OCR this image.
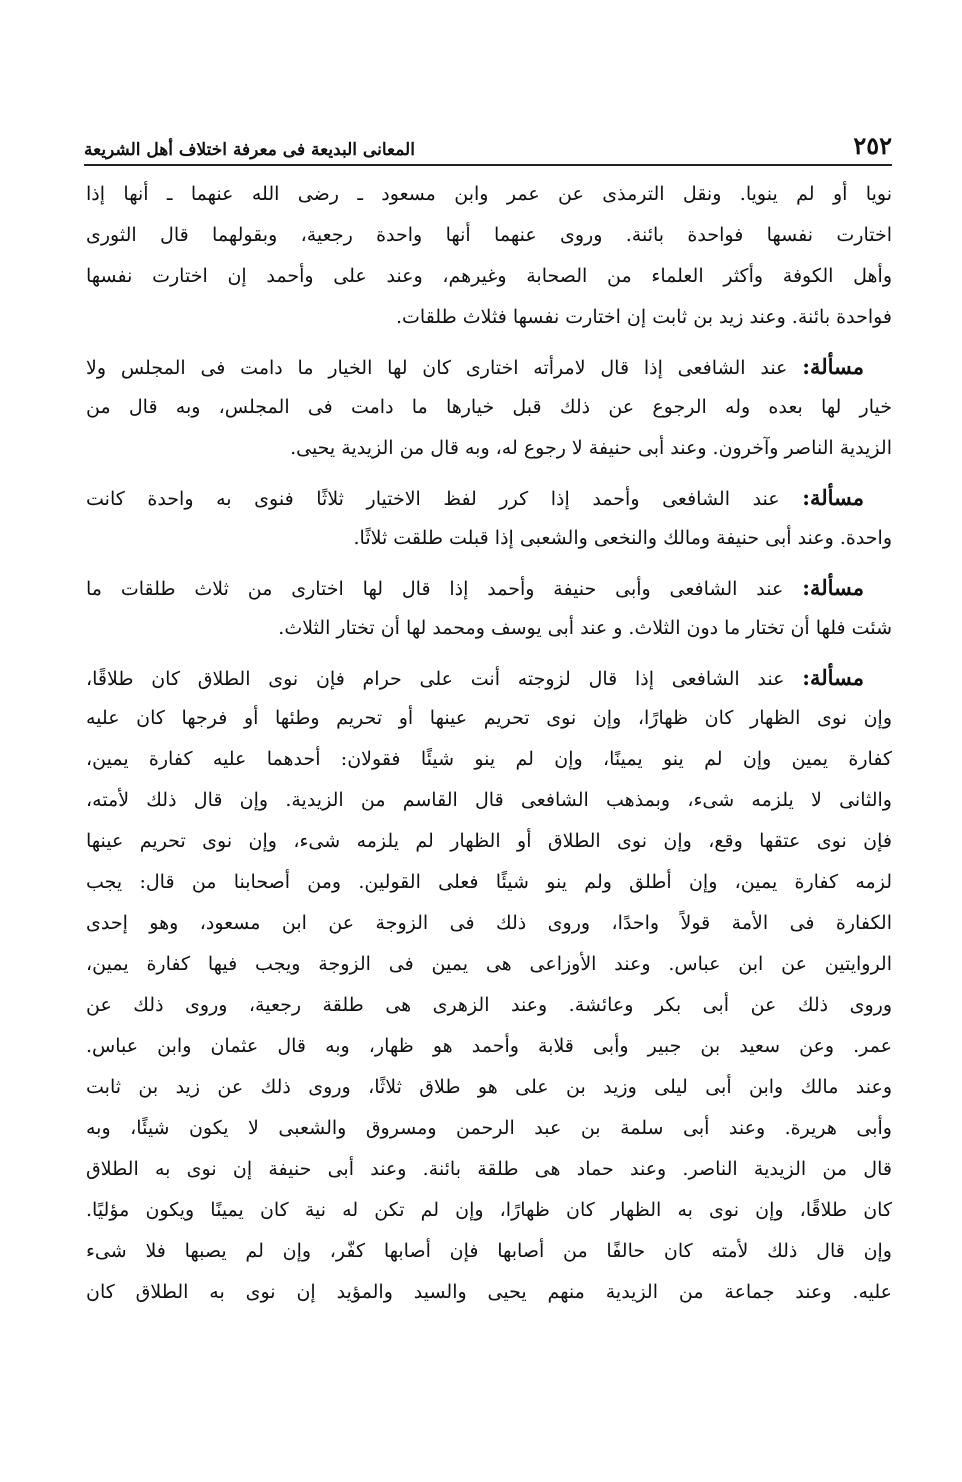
٢٥٢
المعانى البديعة فى معرفة اختلاف أهل الشريعة
نويا أو لم ينويا. ونقل الترمذى عن عمر وابن مسعود ـ رضى الله عنهما ـ أنها إذا
اختارت نفسها فواحدة بائنة. وروى عنهما أنها واحدة رجعية، وبقولهما قال الثورى
وأهل الكوفة وأكثر العلماء من الصحابة وغيرهم، وعند على وأحمد إن اختارت نفسها
فواحدة بائنة. وعند زيد بن ثابت إن اختارت نفسها فثلاث طلقات.
مسألة: عند الشافعى إذا قال لامرأته اختارى كان لها الخيار ما دامت فى المجلس ولا
خيار لها بعده وله الرجوع عن ذلك قبل خيارها ما دامت فى المجلس، وبه قال من
الزيدية الناصر وآخرون. وعند أبى حنيفة لا رجوع له، وبه قال من الزيدية يحيى.
مسألة: عند الشافعى وأحمد إذا كرر لفظ الاختيار ثلاثًا فنوى به واحدة كانت
واحدة. وعند أبى حنيفة ومالك والنخعى والشعبى إذا قبلت طلقت ثلاثًا.
مسألة: عند الشافعى وأبى حنيفة وأحمد إذا قال لها اختارى من ثلاث طلقات ما
شئت فلها أن تختار ما دون الثلاث. و عند أبى يوسف ومحمد لها أن تختار الثلاث.
مسألة: عند الشافعى إذا قال لزوجته أنت على حرام فإن نوى الطلاق كان طلاقًا،
وإن نوى الظهار كان ظهارًا، وإن نوى تحريم عينها أو تحريم وطئها أو فرجها كان عليه
كفارة يمين وإن لم ينو يمينًا، وإن لم ينو شيئًا فقولان: أحدهما عليه كفارة يمين،
والثانى لا يلزمه شىء، وبمذهب الشافعى قال القاسم من الزيدية. وإن قال ذلك لأمته،
فإن نوى عتقها وقع، وإن نوى الطلاق أو الظهار لم يلزمه شىء، وإن نوى تحريم عينها
لزمه كفارة يمين، وإن أطلق ولم ينو شيئًا فعلى القولين. ومن أصحابنا من قال: يجب
الكفارة فى الأمة قولاً واحدًا، وروى ذلك فى الزوجة عن ابن مسعود، وهو إحدى
الروايتين عن ابن عباس. وعند الأوزاعى هى يمين فى الزوجة ويجب فيها كفارة يمين،
وروى ذلك عن أبى بكر وعائشة. وعند الزهرى هى طلقة رجعية، وروى ذلك عن
عمر. وعن سعيد بن جبير وأبى قلابة وأحمد هو ظهار، وبه قال عثمان وابن عباس.
وعند مالك وابن أبى ليلى وزيد بن على هو طلاق ثلاثًا، وروى ذلك عن زيد بن ثابت
وأبى هريرة. وعند أبى سلمة بن عبد الرحمن ومسروق والشعبى لا يكون شيئًا، وبه
قال من الزيدية الناصر. وعند حماد هى طلقة بائنة. وعند أبى حنيفة إن نوى به الطلاق
كان طلاقًا، وإن نوى به الظهار كان ظهارًا، وإن لم تكن له نية كان يمينًا ويكون مؤليًا.
وإن قال ذلك لأمته كان حالفًا من أصابها فإن أصابها كفّر، وإن لم يصبها فلا شىء
عليه. وعند جماعة من الزيدية منهم يحيى والسيد والمؤيد إن نوى به الطلاق كان
